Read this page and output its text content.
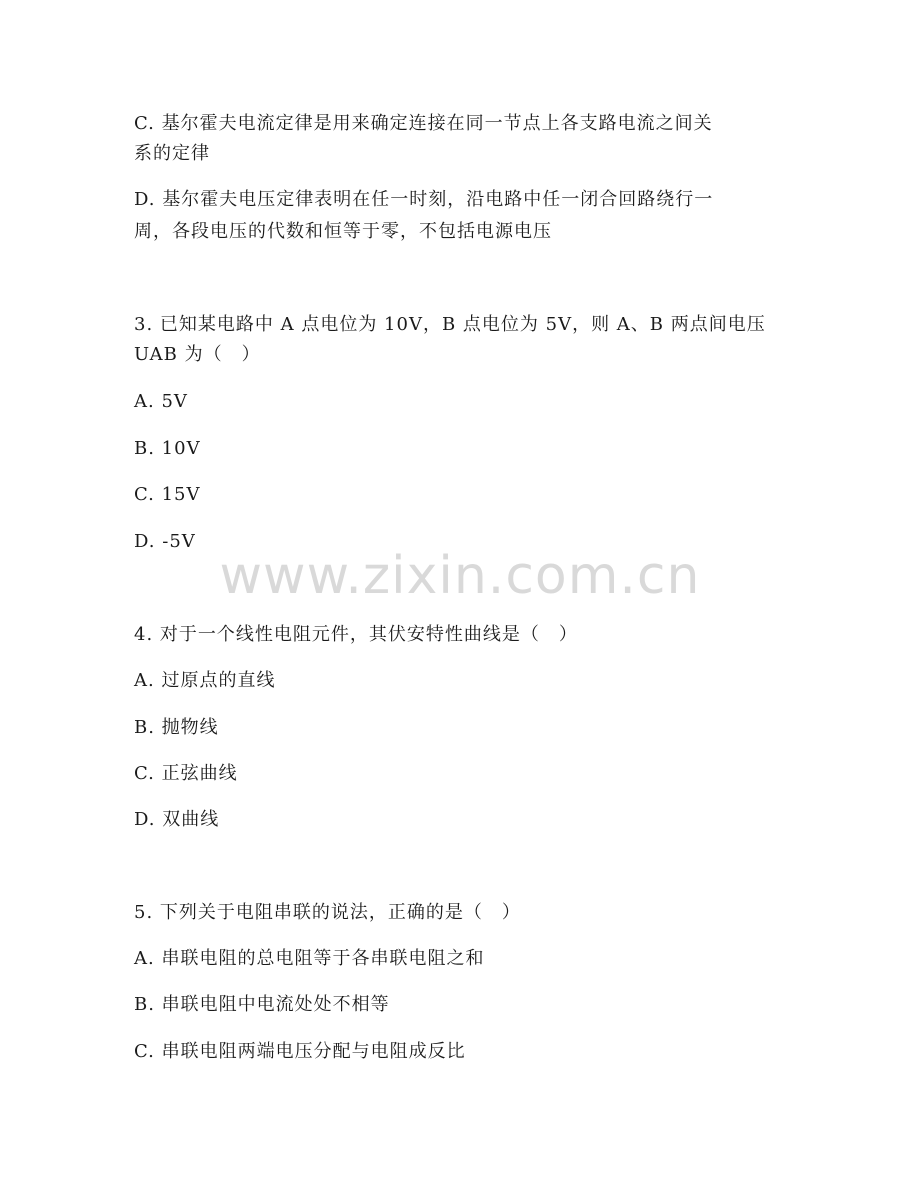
C. 基尔霍夫电流定律是用来确定连接在同一节点上各支路电流之间关
系的定律
D. 基尔霍夫电压定律表明在任一时刻，沿电路中任一闭合回路绕行一
周，各段电压的代数和恒等于零，不包括电源电压
3. 已知某电路中 A 点电位为 10V，B 点电位为 5V，则 A、B 两点间电压
UAB 为（　）
A. 5V
B. 10V
C. 15V
D. -5V
www.zixin.com.cn
4. 对于一个线性电阻元件，其伏安特性曲线是（　）
A. 过原点的直线
B. 抛物线
C. 正弦曲线
D. 双曲线
5. 下列关于电阻串联的说法，正确的是（　）
A. 串联电阻的总电阻等于各串联电阻之和
B. 串联电阻中电流处处不相等
C. 串联电阻两端电压分配与电阻成反比
